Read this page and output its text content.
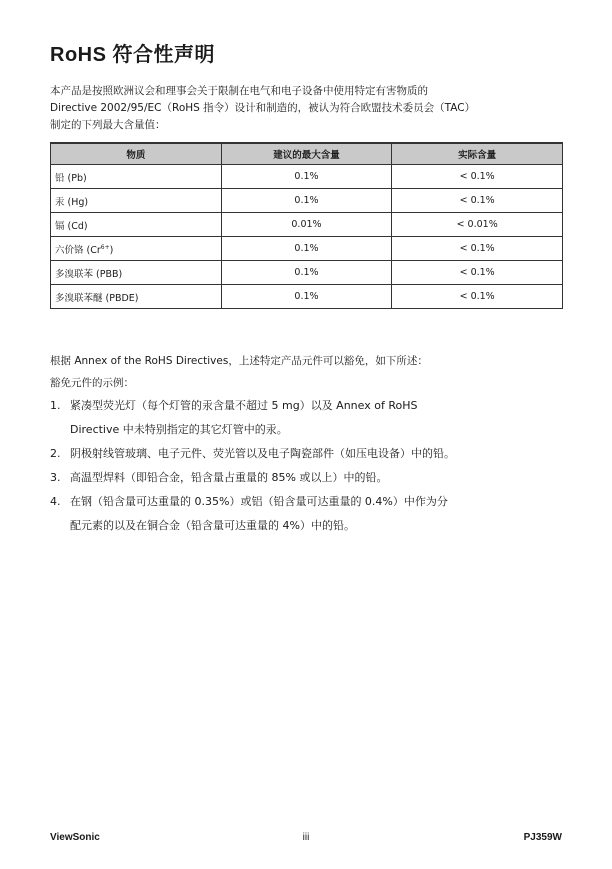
RoHS 符合性声明
本产品是按照欧洲议会和理事会关于限制在电气和电子设备中使用特定有害物质的
Directive 2002/95/EC（RoHS 指令）设计和制造的，被认为符合欧盟技术委员会（TAC）
制定的下列最大含量值：
物质	建议的最大含量	实际含量
铅 (Pb)	0.1%	< 0.1%
汞 (Hg)	0.1%	< 0.1%
镉 (Cd)	0.01%	< 0.01%
六价铬 $(Cr^{6+})$	0.1%	< 0.1%
多溴联苯 (PBB)	0.1%	< 0.1%
多溴联苯醚 (PBDE)	0.1%	< 0.1%
根据 Annex of the RoHS Directives，上述特定产品元件可以豁免，如下所述：
豁免元件的示例：
1. 紧凑型荧光灯（每个灯管的汞含量不超过 5 mg）以及 Annex of RoHS
Directive 中未特别指定的其它灯管中的汞。
2. 阴极射线管玻璃、电子元件、荧光管以及电子陶瓷部件（如压电设备）中的铅。
3. 高温型焊料（即铅合金，铅含量占重量的 85% 或以上）中的铅。
4. 在钢（铅含量可达重量的 0.35%）或铝（铅含量可达重量的 0.4%）中作为分
配元素的以及在铜合金（铅含量可达重量的 4%）中的铅。
ViewSonic	iii	PJ359W
